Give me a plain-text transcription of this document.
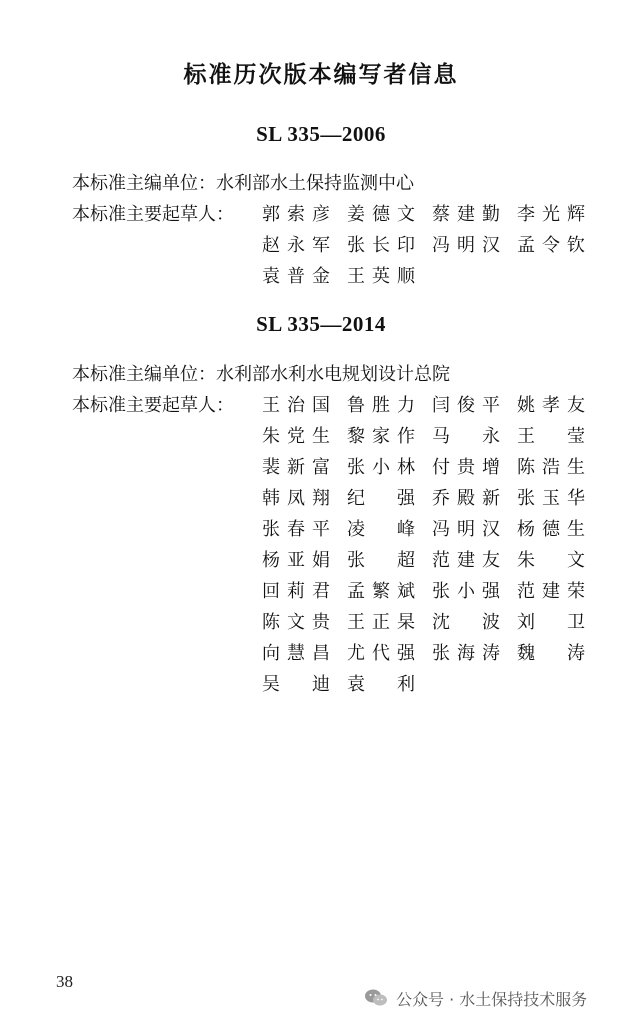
标准历次版本编写者信息
SL 335—2006
本标准主编单位：水利部水土保持监测中心
本标准主要起草人： 郭索彦 姜德文 蔡建勤 李光辉
赵永军 张长印 冯明汉 孟令钦
袁普金 王英顺
SL 335—2014
本标准主编单位：水利部水利水电规划设计总院
本标准主要起草人： 王治国 鲁胜力 闫俊平 姚孝友
朱党生 黎家作 马永 王莹
裴新富 张小林 付贵增 陈浩生
韩凤翔 纪强 乔殿新 张玉华
张春平 凌峰 冯明汉 杨德生
杨亚娟 张超 范建友 朱文
回莉君 孟繁斌 张小强 范建荣
陈文贵 王正杲 沈波 刘卫
向慧昌 尤代强 张海涛 魏涛
吴迪 袁利
38
公众号 · 水土保持技术服务
